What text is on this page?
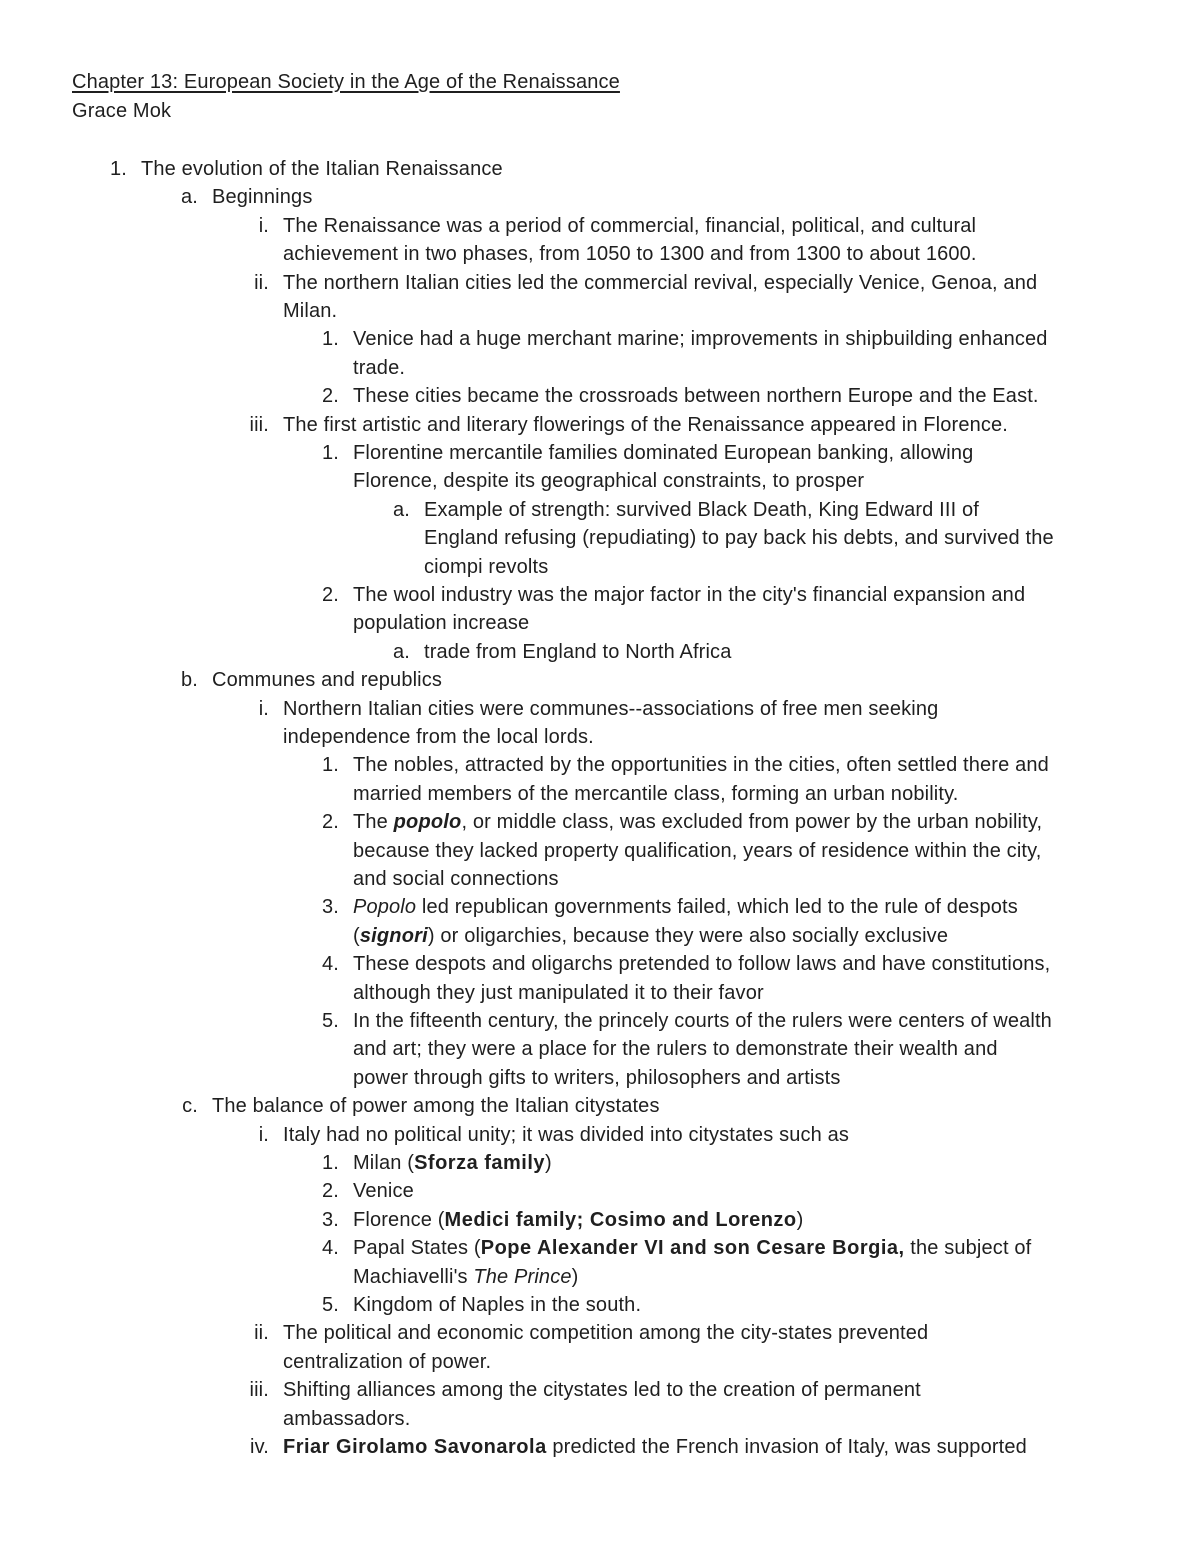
Chapter 13: European Society in the Age of the Renaissance
Grace Mok
1. The evolution of the Italian Renaissance
a. Beginnings
i. The Renaissance was a period of commercial, financial, political, and cultural
achievement in two phases, from 1050 to 1300 and from 1300 to about 1600.
ii. The northern Italian cities led the commercial revival, especially Venice, Genoa, and
Milan.
1. Venice had a huge merchant marine; improvements in shipbuilding enhanced
trade.
2. These cities became the crossroads between northern Europe and the East.
iii. The first artistic and literary flowerings of the Renaissance appeared in Florence.
1. Florentine mercantile families dominated European banking, allowing
Florence, despite its geographical constraints, to prosper
a. Example of strength: survived Black Death, King Edward III of
England refusing (repudiating) to pay back his debts, and survived the
ciompi revolts
2. The wool industry was the major factor in the city's financial expansion and
population increase
a. trade from England to North Africa
b. Communes and republics
i. Northern Italian cities were communes--associations of free men seeking
independence from the local lords.
1. The nobles, attracted by the opportunities in the cities, often settled there and
married members of the mercantile class, forming an urban nobility.
2. The popolo, or middle class, was excluded from power by the urban nobility,
because they lacked property qualification, years of residence within the city,
and social connections
3. Popolo led republican governments failed, which led to the rule of despots
(signori) or oligarchies, because they were also socially exclusive
4. These despots and oligarchs pretended to follow laws and have constitutions,
although they just manipulated it to their favor
5. In the fifteenth century, the princely courts of the rulers were centers of wealth
and art; they were a place for the rulers to demonstrate their wealth and
power through gifts to writers, philosophers and artists
c. The balance of power among the Italian citystates
i. Italy had no political unity; it was divided into citystates such as
1. Milan (Sforza family)
2. Venice
3. Florence (Medici family; Cosimo and Lorenzo)
4. Papal States (Pope Alexander VI and son Cesare Borgia, the subject of
Machiavelli's The Prince)
5. Kingdom of Naples in the south.
ii. The political and economic competition among the city-states prevented
centralization of power.
iii. Shifting alliances among the citystates led to the creation of permanent
ambassadors.
iv. Friar Girolamo Savonarola predicted the French invasion of Italy, was supported
